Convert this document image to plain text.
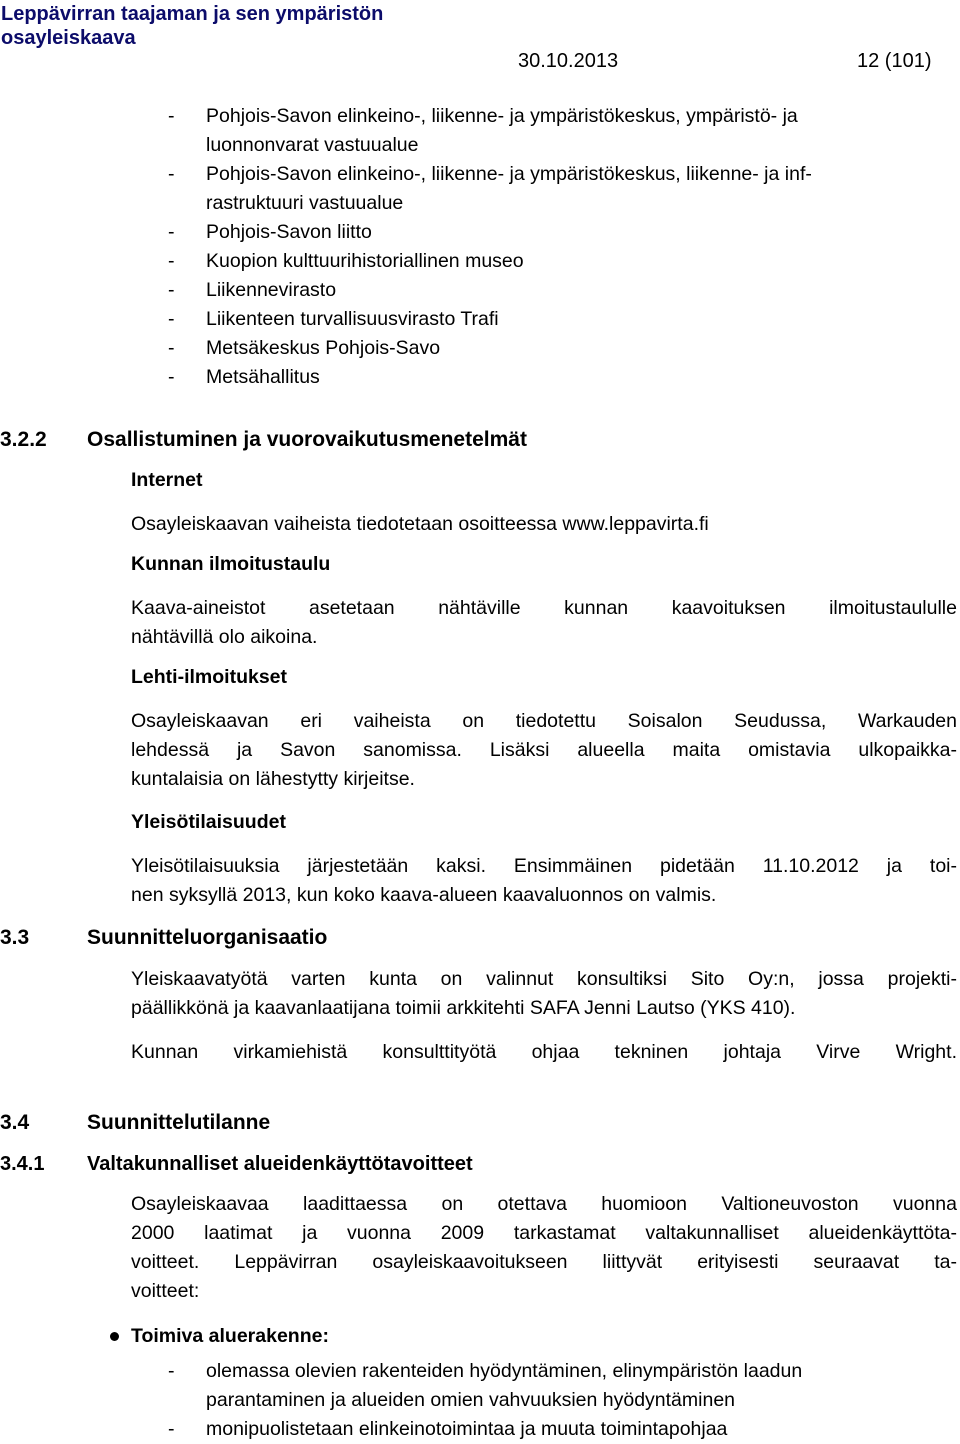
Leppävirran taajaman ja sen ympäristön
osayleiskaava
30.10.2013	12 (101)
- Pohjois-Savon elinkeino-, liikenne- ja ympäristökeskus, ympäristö- ja
luonnonvarat vastuualue
- Pohjois-Savon elinkeino-, liikenne- ja ympäristökeskus, liikenne- ja inf-
rastruktuuri vastuualue
- Pohjois-Savon liitto
- Kuopion kulttuurihistoriallinen museo
- Liikennevirasto
- Liikenteen turvallisuusvirasto Trafi
- Metsäkeskus Pohjois-Savo
- Metsähallitus
3.2.2 Osallistuminen ja vuorovaikutusmenetelmät
Internet

Osayleiskaavan vaiheista tiedotetaan osoitteessa www.leppavirta.fi

Kunnan ilmoitustaulu

Kaava-aineistot asetetaan nähtäville kunnan kaavoituksen ilmoitustaululle
nähtävillä olo aikoina.

Lehti-ilmoitukset

Osayleiskaavan eri vaiheista on tiedotettu Soisalon Seudussa, Warkauden
lehdessä ja Savon sanomissa. Lisäksi alueella maita omistavia ulkopaikka-
kuntalaisia on lähestytty kirjeitse.

Yleisötilaisuudet

Yleisötilaisuuksia järjestetään kaksi. Ensimmäinen pidetään 11.10.2012 ja toi-
nen syksyllä 2013, kun koko kaava-alueen kaavaluonnos on valmis.

3.3	Suunnitteluorganisaatio

Yleiskaavatyötä varten kunta on valinnut konsultiksi Sito Oy:n, jossa projekti-
päällikkönä ja kaavanlaatijana toimii arkkitehti SAFA Jenni Lautso (YKS 410).

Kunnan virkamiehistä konsulttityötä ohjaa tekninen johtaja Virve Wright.

3.4	Suunnittelutilanne
3.4.1 Valtakunnalliset alueidenkäyttötavoitteet

Osayleiskaavaa laadittaessa on otettava huomioon Valtioneuvoston vuonna
2000 laatimat ja vuonna 2009 tarkastamat valtakunnalliset alueidenkäyttöta-
voitteet. Leppävirran osayleiskaavoitukseen liittyvät erityisesti seuraavat ta-
voitteet:

Toimiva aluerakenne:
- olemassa olevien rakenteiden hyödyntäminen, elinympäristön laadun
parantaminen ja alueiden omien vahvuuksien hyödyntäminen
- monipuolistetaan elinkeinotoimintaa ja muuta toimintapohjaa
